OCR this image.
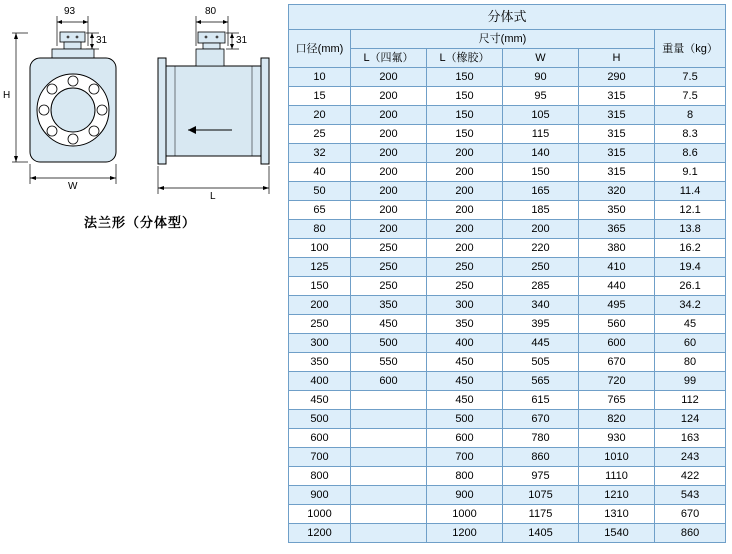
93
31
H
W
80
31
L
法兰形（分体型）
分体式					
口径(mm)	尺寸(mm)				重量（kg）
	L（四氟）	L（橡胶）	W	H	
10	200	150	90	290	7.5
15	200	150	95	315	7.5
20	200	150	105	315	8
25	200	150	115	315	8.3
32	200	200	140	315	8.6
40	200	200	150	315	9.1
50	200	200	165	320	11.4
65	200	200	185	350	12.1
80	200	200	200	365	13.8
100	250	200	220	380	16.2
125	250	250	250	410	19.4
150	250	250	285	440	26.1
200	350	300	340	495	34.2
250	450	350	395	560	45
300	500	400	445	600	60
350	550	450	505	670	80
400	600	450	565	720	99
450		450	615	765	112
500		500	670	820	124
600		600	780	930	163
700		700	860	1010	243
800		800	975	1110	422
900		900	1075	1210	543
1000		1000	1175	1310	670
1200		1200	1405	1540	860
